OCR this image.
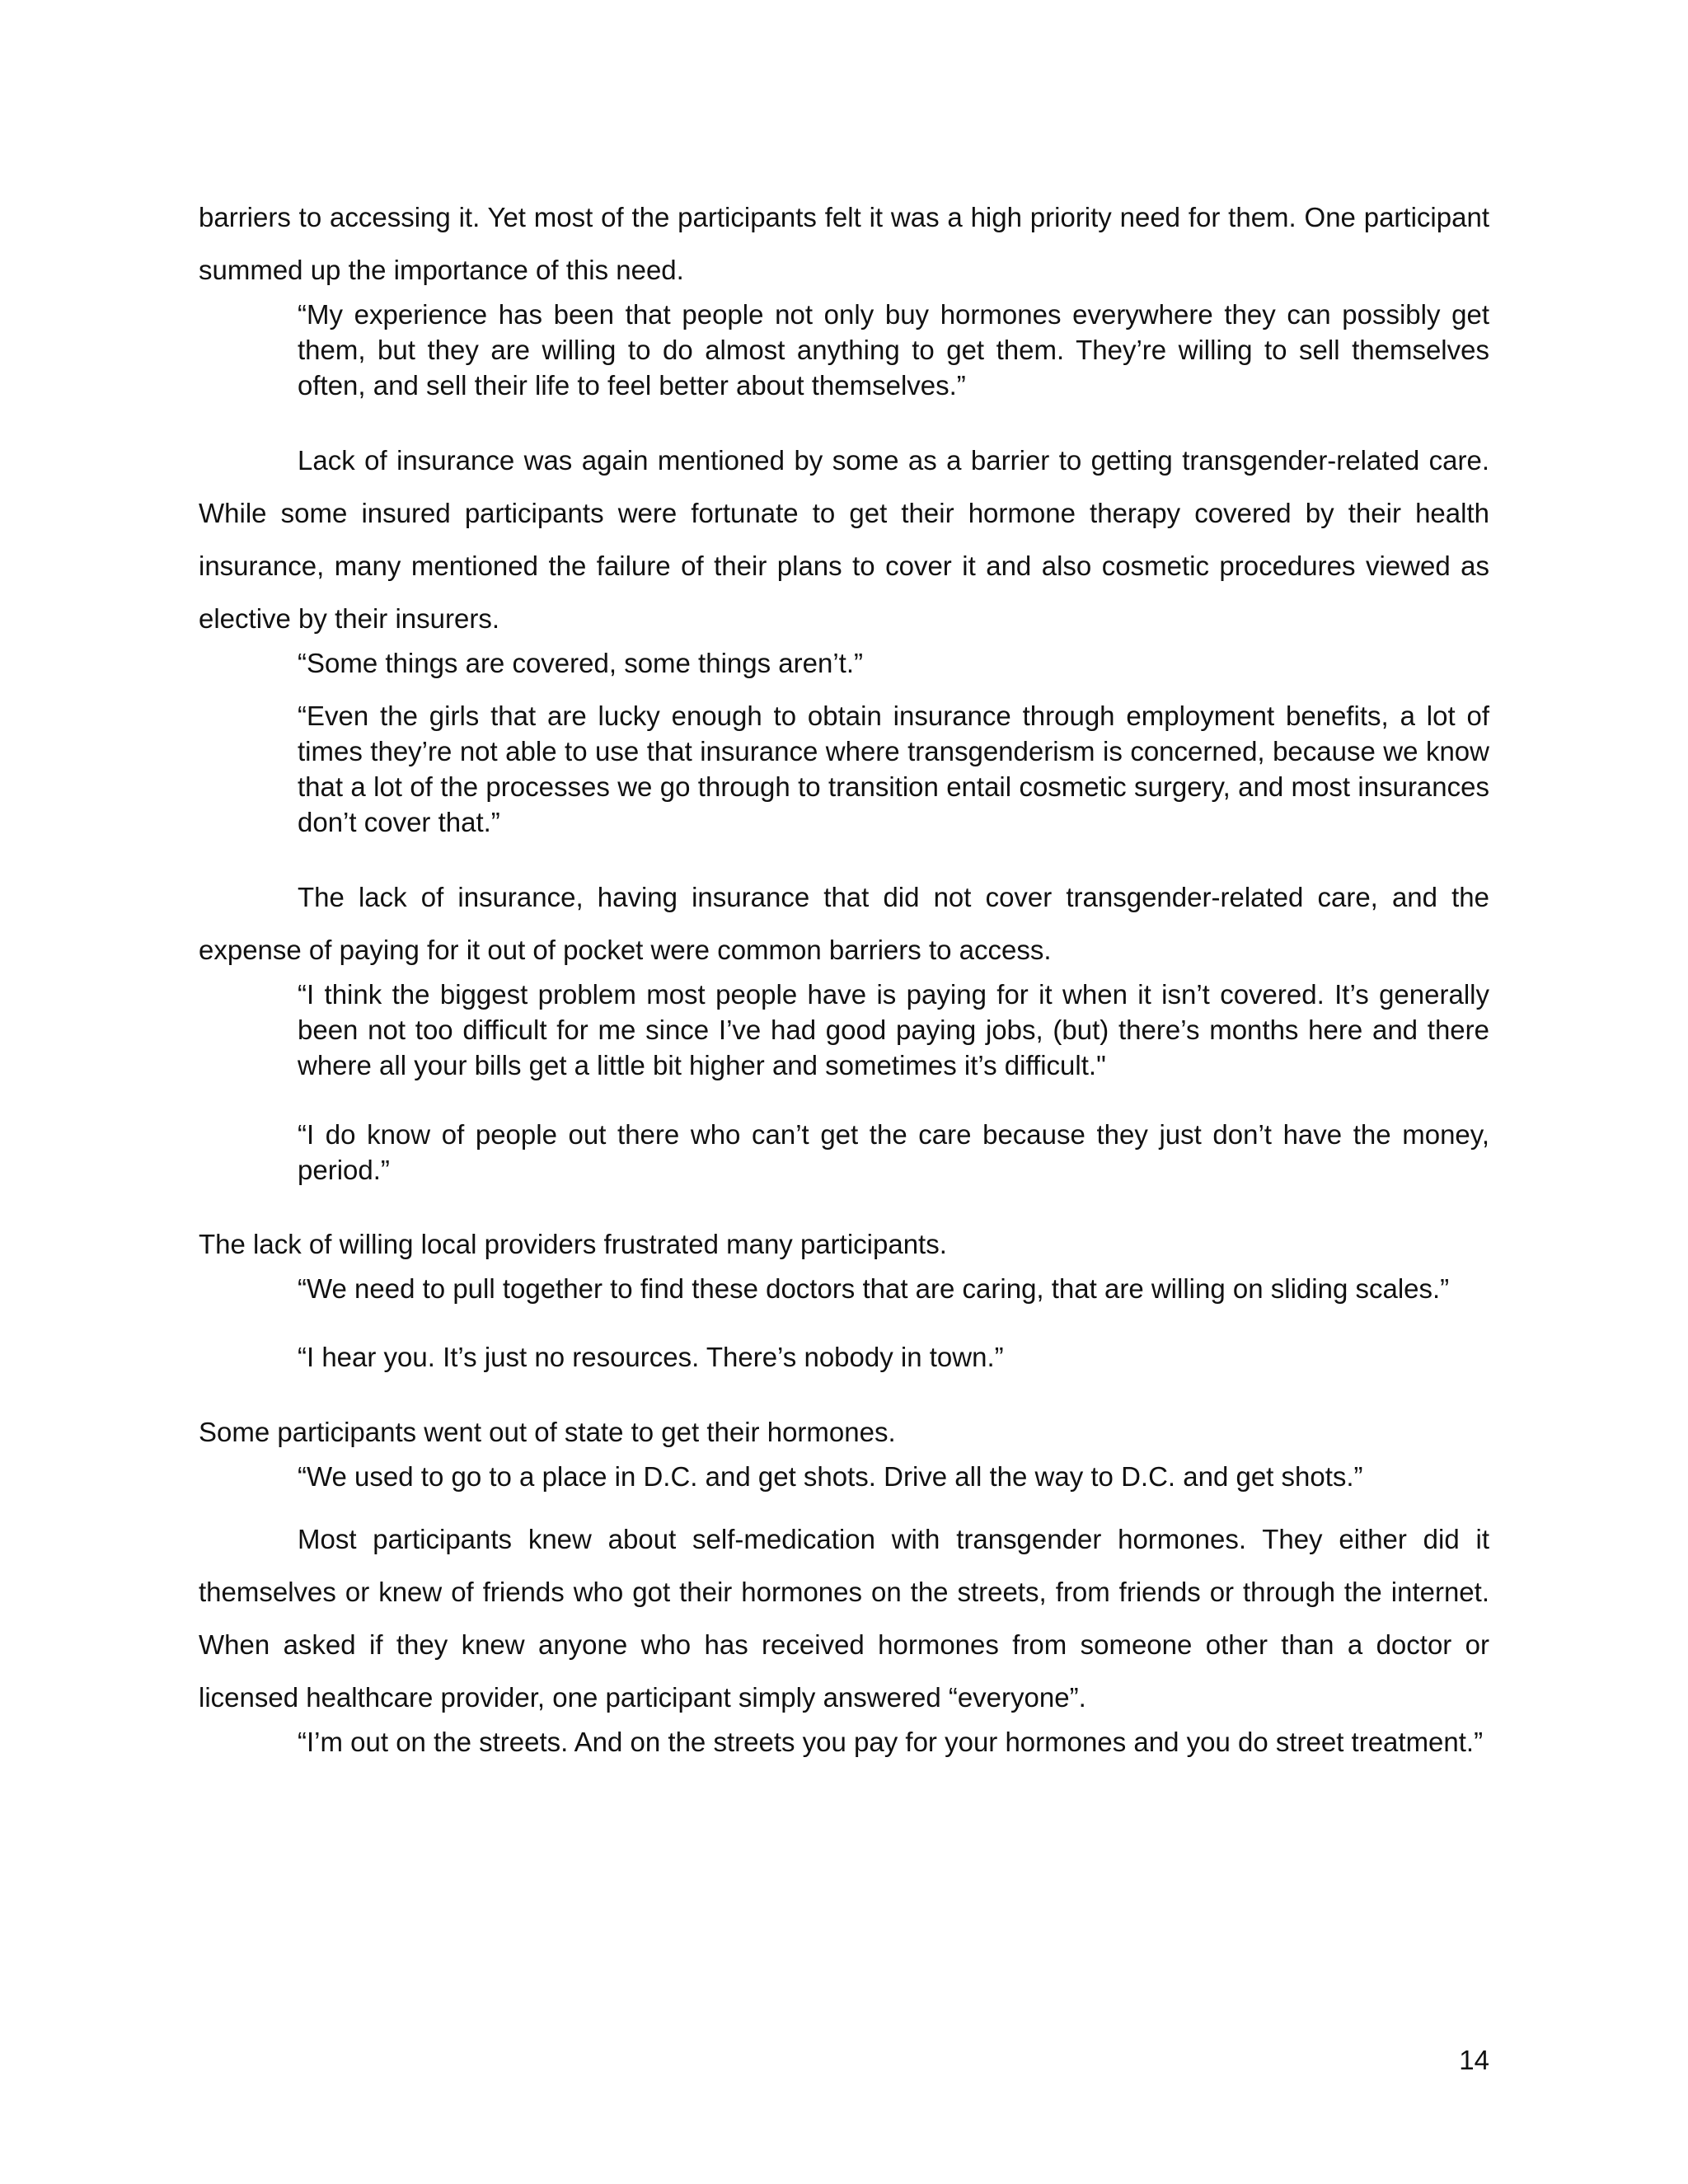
barriers to accessing it. Yet most of the participants felt it was a high priority need for them. One participant summed up the importance of this need.

“My experience has been that people not only buy hormones everywhere they can possibly get them, but they are willing to do almost anything to get them. They’re willing to sell themselves often, and sell their life to feel better about themselves.”

Lack of insurance was again mentioned by some as a barrier to getting transgender-related care. While some insured participants were fortunate to get their hormone therapy covered by their health insurance, many mentioned the failure of their plans to cover it and also cosmetic procedures viewed as elective by their insurers.

“Some things are covered, some things aren’t.”

“Even the girls that are lucky enough to obtain insurance through employment benefits, a lot of times they’re not able to use that insurance where transgenderism is concerned, because we know that a lot of the processes we go through to transition entail cosmetic surgery, and most insurances don’t cover that.”

The lack of insurance, having insurance that did not cover transgender-related care, and the expense of paying for it out of pocket were common barriers to access.

“I think the biggest problem most people have is paying for it when it isn’t covered. It’s generally been not too difficult for me since I’ve had good paying jobs, (but) there’s months here and there where all your bills get a little bit higher and sometimes it’s difficult."

“I do know of people out there who can’t get the care because they just don’t have the money, period.”

The lack of willing local providers frustrated many participants.

“We need to pull together to find these doctors that are caring, that are willing on sliding scales.”

“I hear you. It’s just no resources. There’s nobody in town.”

Some participants went out of state to get their hormones.

“We used to go to a place in D.C. and get shots. Drive all the way to D.C. and get shots.”

Most participants knew about self-medication with transgender hormones. They either did it themselves or knew of friends who got their hormones on the streets, from friends or through the internet. When asked if they knew anyone who has received hormones from someone other than a doctor or licensed healthcare provider, one participant simply answered “everyone”.

“I’m out on the streets. And on the streets you pay for your hormones and you do street treatment.”

14
